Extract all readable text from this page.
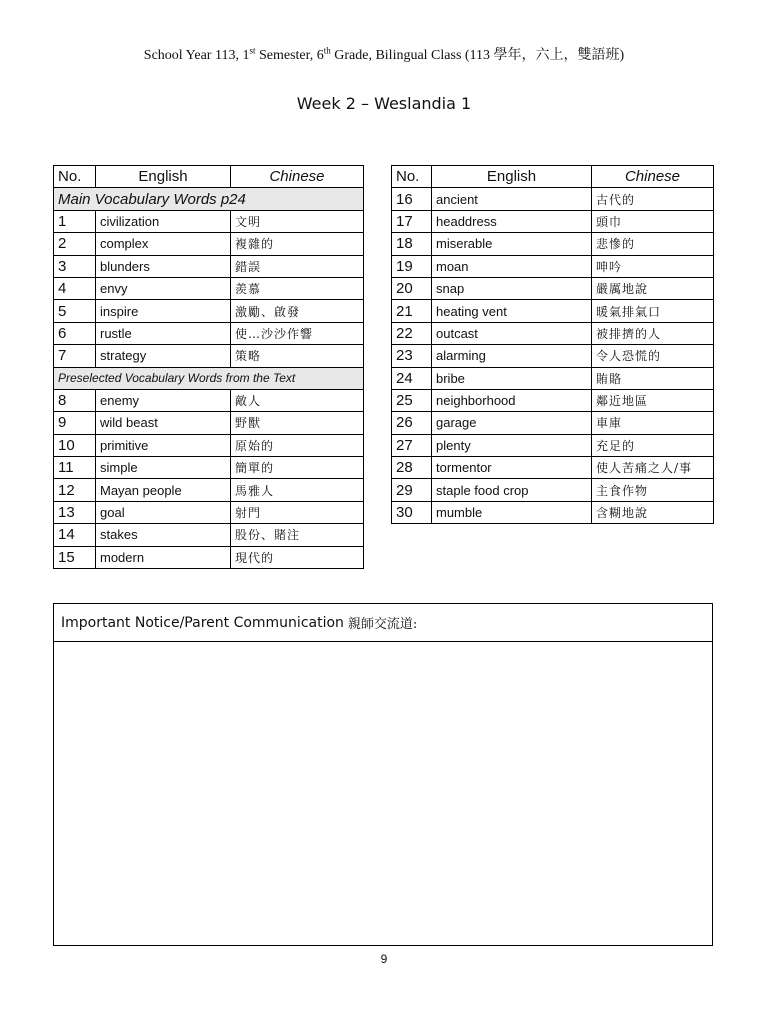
School Year 113, 1st Semester, 6th Grade, Bilingual Class (113 學年，六上，雙語班)
Week 2 – Weslandia 1
No.	English	Chinese
Main Vocabulary Words p24		
1	civilization	文明
2	complex	複雜的
3	blunders	錯誤
4	envy	羨慕
5	inspire	激勵、啟發
6	rustle	使…沙沙作響
7	strategy	策略
Preselected Vocabulary Words from the Text		
8	enemy	敵人
9	wild beast	野獸
10	primitive	原始的
11	simple	簡單的
12	Mayan people	馬雅人
13	goal	射門
14	stakes	股份、賭注
15	modern	現代的
No.	English	Chinese
16	ancient	古代的
17	headdress	頭巾
18	miserable	悲慘的
19	moan	呻吟
20	snap	嚴厲地說
21	heating vent	暖氣排氣口
22	outcast	被排擠的人
23	alarming	令人恐慌的
24	bribe	賄賂
25	neighborhood	鄰近地區
26	garage	車庫
27	plenty	充足的
28	tormentor	使人苦痛之人/事
29	staple food crop	主食作物
30	mumble	含糊地說
Important Notice/Parent Communication 親師交流道:
9
